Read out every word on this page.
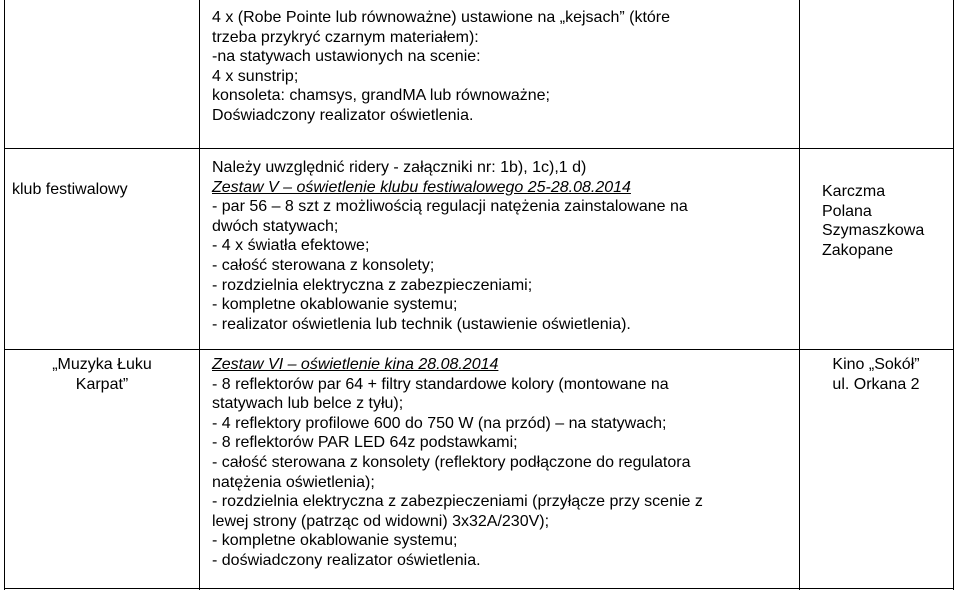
4 x (Robe Pointe lub równoważne) ustawione na „kejsach” (które
trzeba przykryć czarnym materiałem):
-na statywach ustawionych na scenie:
4 x sunstrip;
konsoleta: chamsys, grandMA lub równoważne;
Doświadczony realizator oświetlenia.
klub festiwalowy
Należy uwzględnić ridery - załączniki nr: 1b), 1c),1 d)
Zestaw V – oświetlenie klubu festiwalowego 25-28.08.2014
- par 56 – 8 szt z możliwością regulacji natężenia zainstalowane na
dwóch statywach;
- 4 x światła efektowe;
- całość sterowana z konsolety;
- rozdzielnia elektryczna z zabezpieczeniami;
- kompletne okablowanie systemu;
- realizator oświetlenia lub technik (ustawienie oświetlenia).
Karczma
Polana
Szymaszkowa
Zakopane
„Muzyka Łuku
Karpat”
Zestaw VI – oświetlenie kina 28.08.2014
- 8 reflektorów par 64 + filtry standardowe kolory (montowane na
statywach lub belce z tyłu);
- 4 reflektory profilowe 600 do 750 W (na przód) – na statywach;
- 8 reflektorów PAR LED 64z podstawkami;
- całość sterowana z konsolety (reflektory podłączone do regulatora
natężenia oświetlenia);
- rozdzielnia elektryczna z zabezpieczeniami (przyłącze przy scenie z
lewej strony (patrząc od widowni) 3x32A/230V);
- kompletne okablowanie systemu;
- doświadczony realizator oświetlenia.
Kino „Sokół”
ul. Orkana 2
